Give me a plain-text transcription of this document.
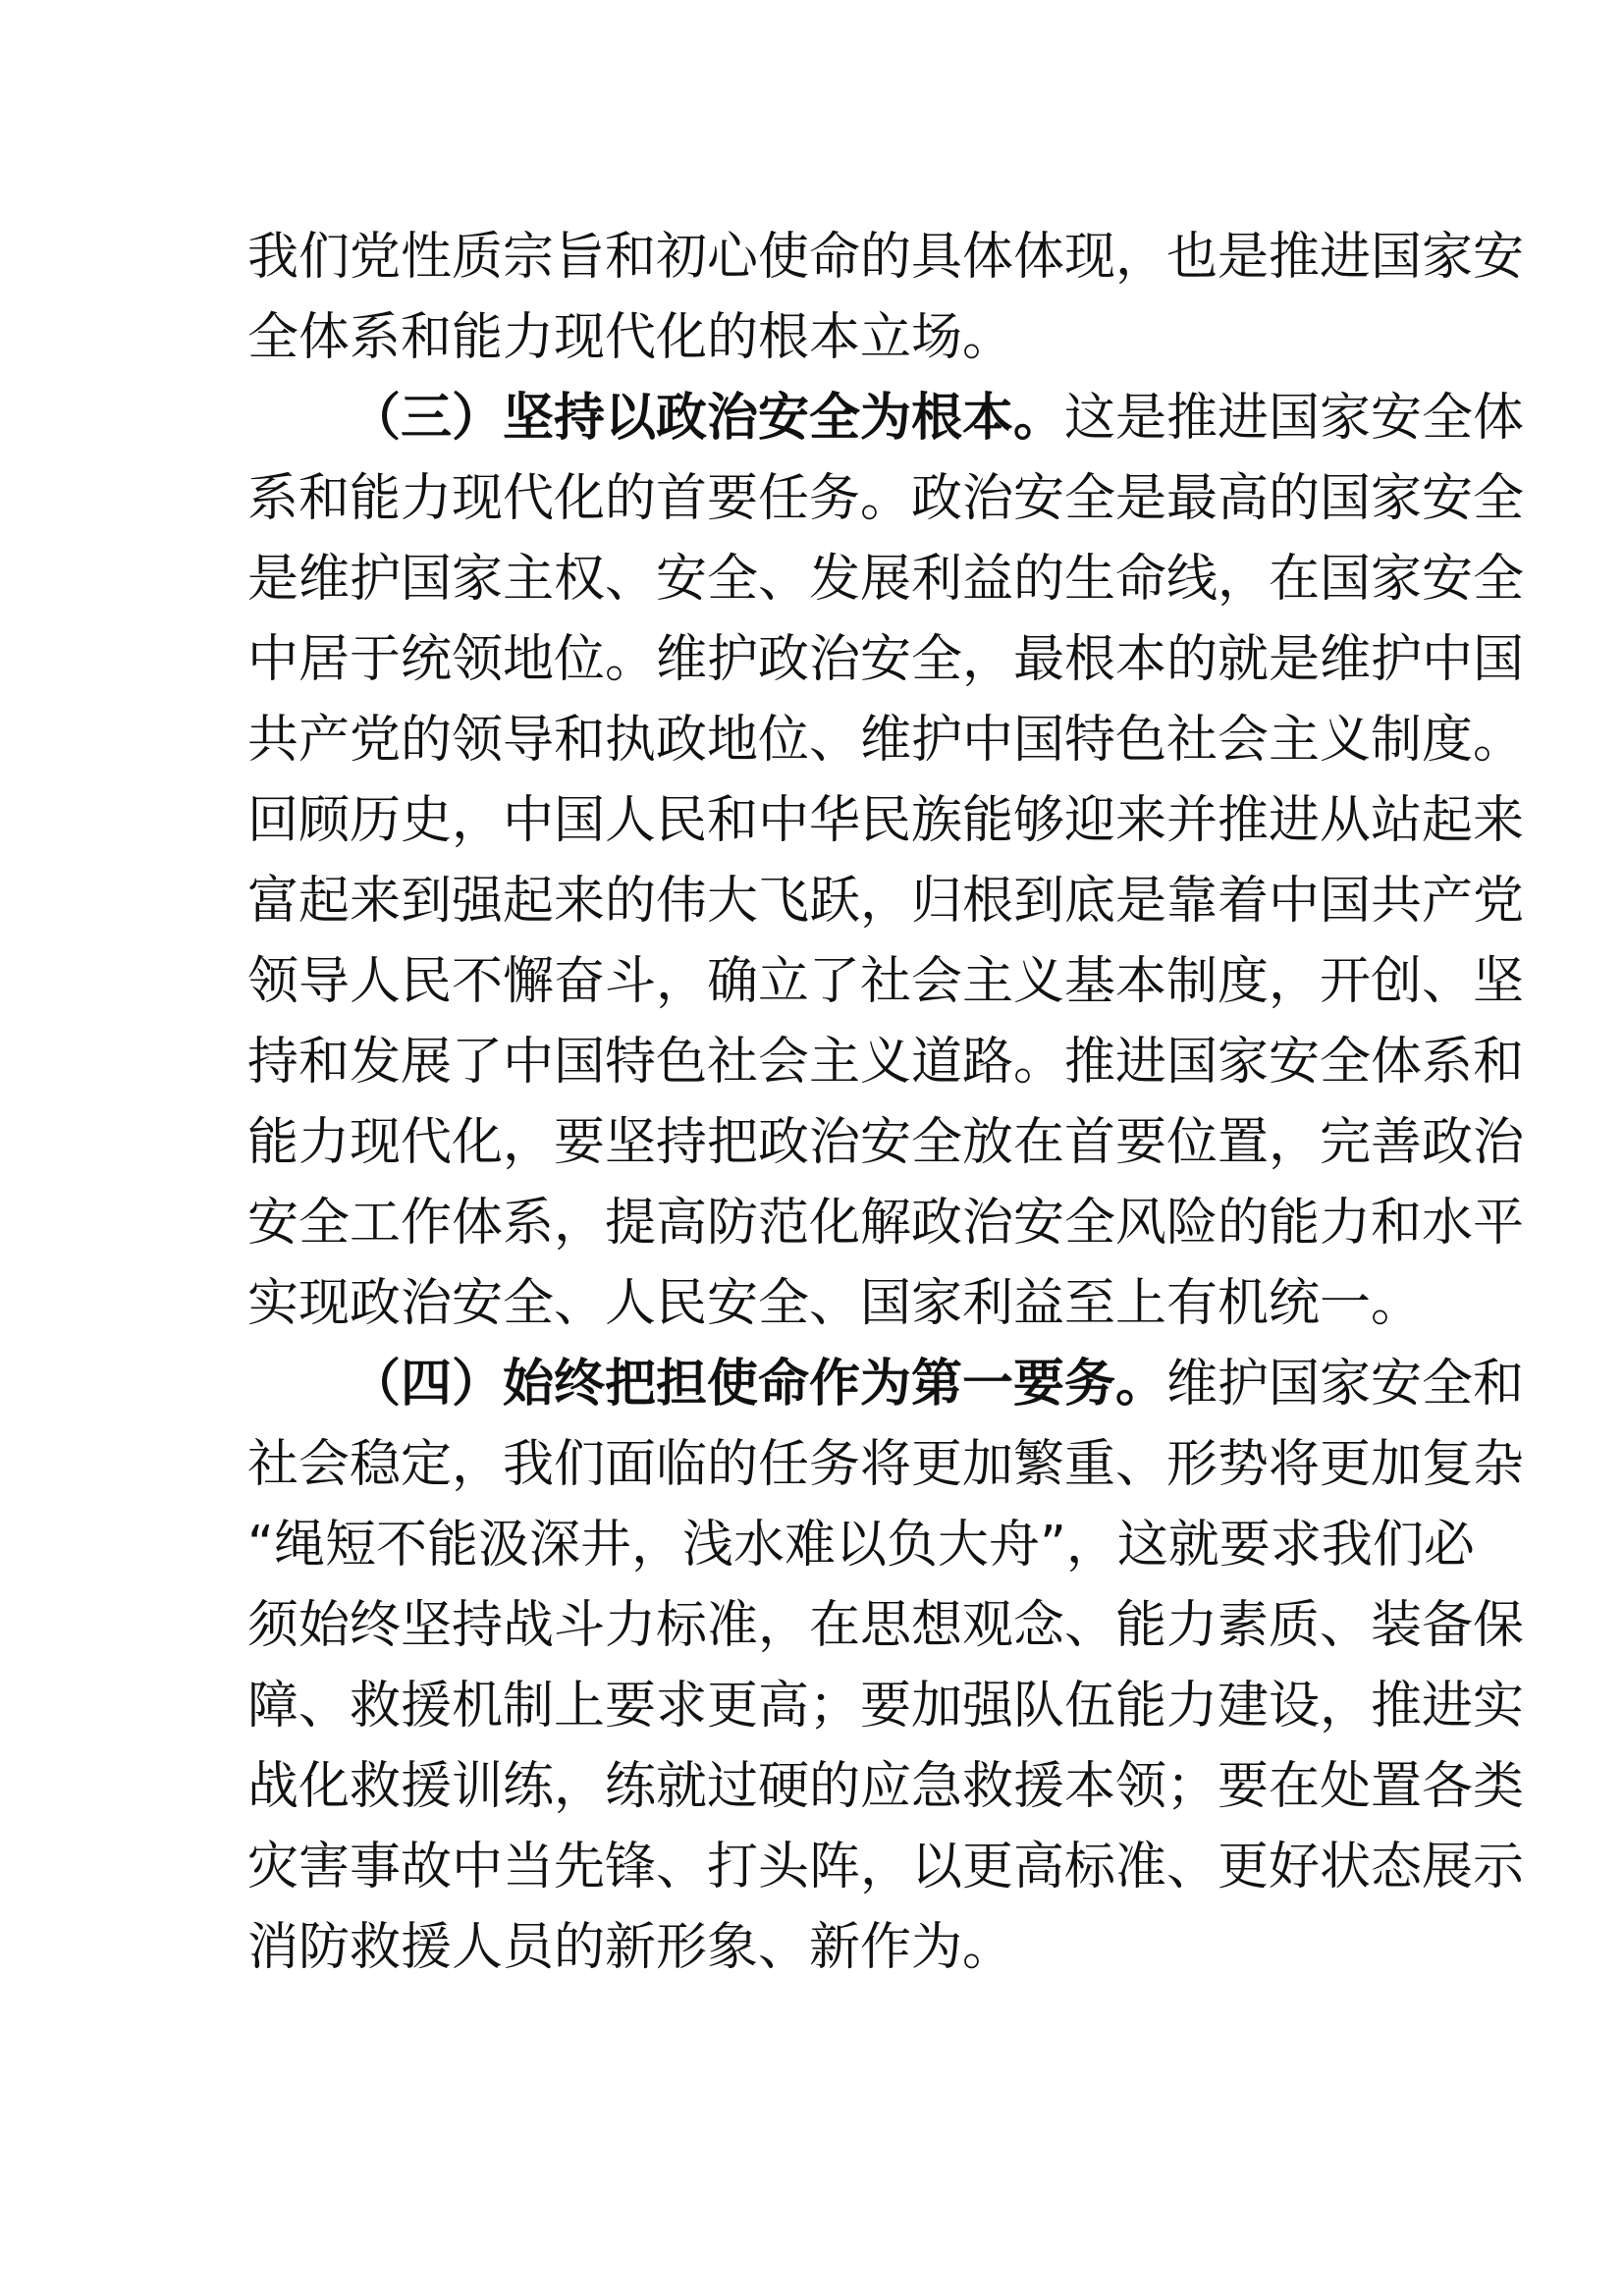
我们党性质宗旨和初心使命的具体体现，也是推进国家安
全体系和能力现代化的根本立场。
（三）坚持以政治安全为根本。这是推进国家安全体
系和能力现代化的首要任务。政治安全是最高的国家安全
是维护国家主权、安全、发展利益的生命线，在国家安全
中居于统领地位。维护政治安全，最根本的就是维护中国
共产党的领导和执政地位、维护中国特色社会主义制度。
回顾历史，中国人民和中华民族能够迎来并推进从站起来
富起来到强起来的伟大飞跃，归根到底是靠着中国共产党
领导人民不懈奋斗，确立了社会主义基本制度，开创、坚
持和发展了中国特色社会主义道路。推进国家安全体系和
能力现代化，要坚持把政治安全放在首要位置，完善政治
安全工作体系，提高防范化解政治安全风险的能力和水平
实现政治安全、人民安全、国家利益至上有机统一。
（四）始终把担使命作为第一要务。维护国家安全和
社会稳定，我们面临的任务将更加繁重、形势将更加复杂
“绳短不能汲深井，浅水难以负大舟”，这就要求我们必
须始终坚持战斗力标准，在思想观念、能力素质、装备保
障、救援机制上要求更高；要加强队伍能力建设，推进实
战化救援训练，练就过硬的应急救援本领；要在处置各类
灾害事故中当先锋、打头阵，以更高标准、更好状态展示
消防救援人员的新形象、新作为。
